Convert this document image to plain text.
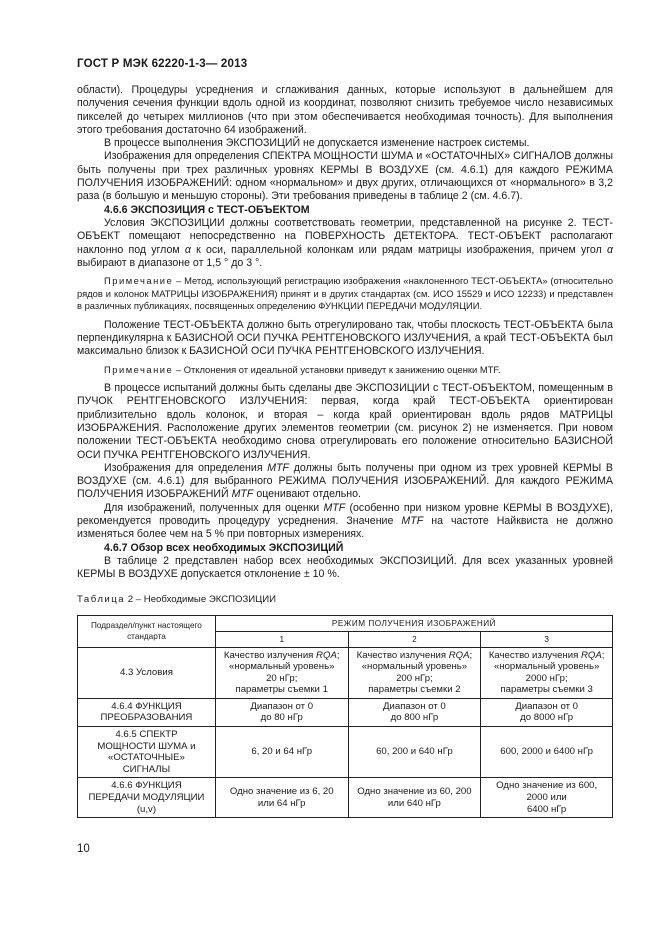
ГОСТ Р МЭК 62220-1-3— 2013

области). Процедуры усреднения и сглаживания данных, которые используют в дальнейшем для получения сечения функции вдоль одной из координат, позволяют снизить требуемое число независимых пикселей до четырех миллионов (что при этом обеспечивается необходимая точность). Для выполнения этого требования достаточно 64 изображений.

В процессе выполнения ЭКСПОЗИЦИЙ не допускается изменение настроек системы.

Изображения для определения СПЕКТРА МОЩНОСТИ ШУМА и «ОСТАТОЧНЫХ» СИГНАЛОВ должны быть получены при трех различных уровнях КЕРМЫ В ВОЗДУХЕ (см. 4.6.1) для каждого РЕЖИМА ПОЛУЧЕНИЯ ИЗОБРАЖЕНИЙ: одном «нормальном» и двух других, отличающихся от «нормального» в 3,2 раза (в большую и меньшую стороны). Эти требования приведены в таблице 2 (см. 4.6.7).

4.6.6 ЭКСПОЗИЦИЯ с ТЕСТ-ОБЪЕКТОМ

Условия ЭКСПОЗИЦИИ должны соответствовать геометрии, представленной на рисунке 2. ТЕСТ-ОБЪЕКТ помещают непосредственно на ПОВЕРХНОСТЬ ДЕТЕКТОРА. ТЕСТ-ОБЪЕКТ располагают наклонно под углом α к оси, параллельной колонкам или рядам матрицы изображения, причем угол α выбирают в диапазоне от 1,5 ° до 3 °.

Примечание – Метод, использующий регистрацию изображения «наклоненного ТЕСТ-ОБЪЕКТА» (относительно рядов и колонок МАТРИЦЫ ИЗОБРАЖЕНИЯ) принят и в других стандартах (см. ИСО 15529 и ИСО 12233) и представлен в различных публикациях, посвященных определению ФУНКЦИИ ПЕРЕДАЧИ МОДУЛЯЦИИ.

Положение ТЕСТ-ОБЪЕКТА должно быть отрегулировано так, чтобы плоскость ТЕСТ-ОБЪЕКТА была перпендикулярна к БАЗИСНОЙ ОСИ ПУЧКА РЕНТГЕНОВСКОГО ИЗЛУЧЕНИЯ, а край ТЕСТ-ОБЪЕКТА был максимально близок к БАЗИСНОЙ ОСИ ПУЧКА РЕНТГЕНОВСКОГО ИЗЛУЧЕНИЯ.

Примечание – Отклонения от идеальной установки приведут к занижению оценки MTF.

В процессе испытаний должны быть сделаны две ЭКСПОЗИЦИИ с ТЕСТ-ОБЪЕКТОМ, помещенным в ПУЧОК РЕНТГЕНОВСКОГО ИЗЛУЧЕНИЯ: первая, когда край ТЕСТ-ОБЪЕКТА ориентирован приблизительно вдоль колонок, и вторая – когда край ориентирован вдоль рядов МАТРИЦЫ ИЗОБРАЖЕНИЯ. Расположение других элементов геометрии (см. рисунок 2) не изменяется. При новом положении ТЕСТ-ОБЪЕКТА необходимо снова отрегулировать его положение относительно БАЗИСНОЙ ОСИ ПУЧКА РЕНТГЕНОВСКОГО ИЗЛУЧЕНИЯ.

Изображения для определения MTF должны быть получены при одном из трех уровней КЕРМЫ В ВОЗДУХЕ (см. 4.6.1) для выбранного РЕЖИМА ПОЛУЧЕНИЯ ИЗОБРАЖЕНИЙ. Для каждого РЕЖИМА ПОЛУЧЕНИЯ ИЗОБРАЖЕНИЙ MTF оценивают отдельно.

Для изображений, полученных для оценки MTF (особенно при низком уровне КЕРМЫ В ВОЗДУХЕ), рекомендуется проводить процедуру усреднения. Значение MTF на частоте Найквиста не должно изменяться более чем на 5 % при повторных измерениях.

4.6.7 Обзор всех необходимых ЭКСПОЗИЦИЙ

В таблице 2 представлен набор всех необходимых ЭКСПОЗИЦИЙ. Для всех указанных уровней КЕРМЫ В ВОЗДУХЕ допускается отклонение ± 10 %.

Таблица 2 – Необходимые ЭКСПОЗИЦИИ
Подраздел/пункт настоящего стандарта	РЕЖИМ ПОЛУЧЕНИЯ ИЗОБРАЖЕНИЙ		
	1	2	3
4.3 Условия	Качество излучения RQA;
«нормальный уровень»
20 нГр;
параметры съемки 1	Качество излучения RQA;
«нормальный уровень»
200 нГр;
параметры съемки 2	Качество излучения RQA;
«нормальный уровень»
2000 нГр;
параметры съемки 3
4.6.4 ФУНКЦИЯ ПРЕОБРАЗОВАНИЯ	Диапазон от 0
до 80 нГр	Диапазон от 0
до 800 нГр	Диапазон от 0
до 8000 нГр
4.6.5 СПЕКТР МОЩНОСТИ ШУМА и «ОСТАТОЧНЫЕ» СИГНАЛЫ	6, 20 и 64 нГр	60, 200 и 640 нГр	600, 2000 и 6400 нГр
4.6.6 ФУНКЦИЯ ПЕРЕДАЧИ МОДУЛЯЦИИ (u,v)	Одно значение из 6, 20
или 64 нГр	Одно значение из 60, 200
или 640 нГр	Одно значение из 600,
2000 или
6400 нГр
10
